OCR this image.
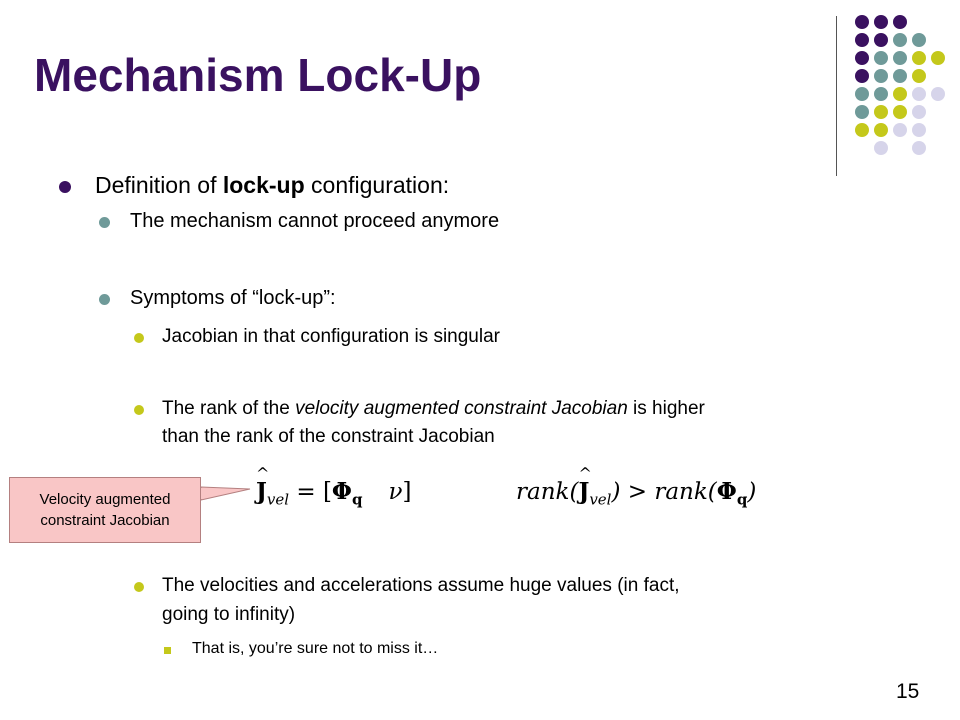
Mechanism Lock-Up
Definition of lock-up configuration:
The mechanism cannot proceed anymore
Symptoms of “lock-up”:
Jacobian in that configuration is singular
The rank of the velocity augmented constraint Jacobian is higher
than the rank of the constraint Jacobian
J
^
$_{vel} = [\Phi_q$ ν]	rank(J
^
$_{vel}) > rank(\Phi_q)$
Velocity augmented
constraint Jacobian
The velocities and accelerations assume huge values (in fact,
going to infinity)
That is, you’re sure not to miss it…
15
